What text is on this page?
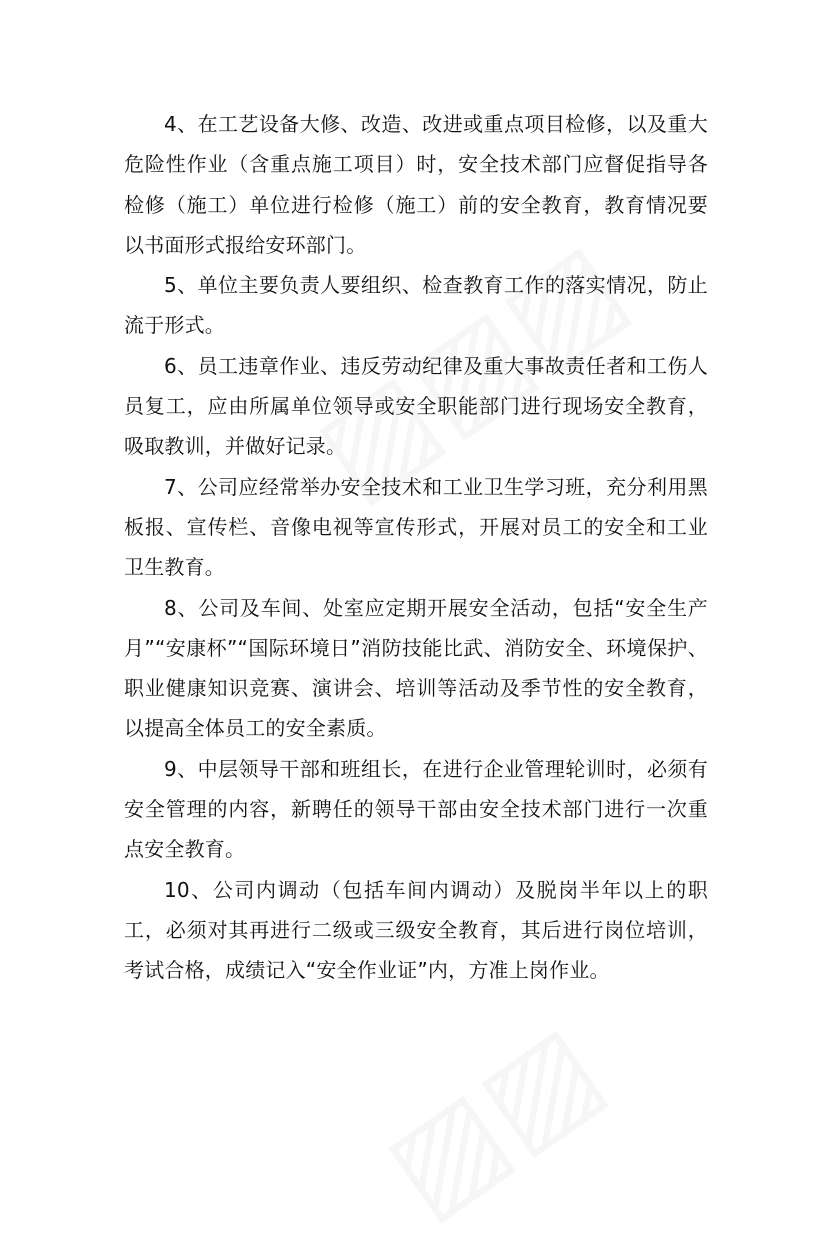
4、在工艺设备大修、改造、改进或重点项目检修，以及重大危险性作业（含重点施工项目）时，安全技术部门应督促指导各检修（施工）单位进行检修（施工）前的安全教育，教育情况要以书面形式报给安环部门。

5、单位主要负责人要组织、检查教育工作的落实情况，防止流于形式。

6、员工违章作业、违反劳动纪律及重大事故责任者和工伤人员复工，应由所属单位领导或安全职能部门进行现场安全教育，吸取教训，并做好记录。

7、公司应经常举办安全技术和工业卫生学习班，充分利用黑板报、宣传栏、音像电视等宣传形式，开展对员工的安全和工业卫生教育。

8、公司及车间、处室应定期开展安全活动，包括“安全生产月”“安康杯”“国际环境日”消防技能比武、消防安全、环境保护、职业健康知识竞赛、演讲会、培训等活动及季节性的安全教育，以提高全体员工的安全素质。

9、中层领导干部和班组长，在进行企业管理轮训时，必须有安全管理的内容，新聘任的领导干部由安全技术部门进行一次重点安全教育。

10、公司内调动（包括车间内调动）及脱岗半年以上的职工，必须对其再进行二级或三级安全教育，其后进行岗位培训，考试合格，成绩记入“安全作业证”内，方准上岗作业。
